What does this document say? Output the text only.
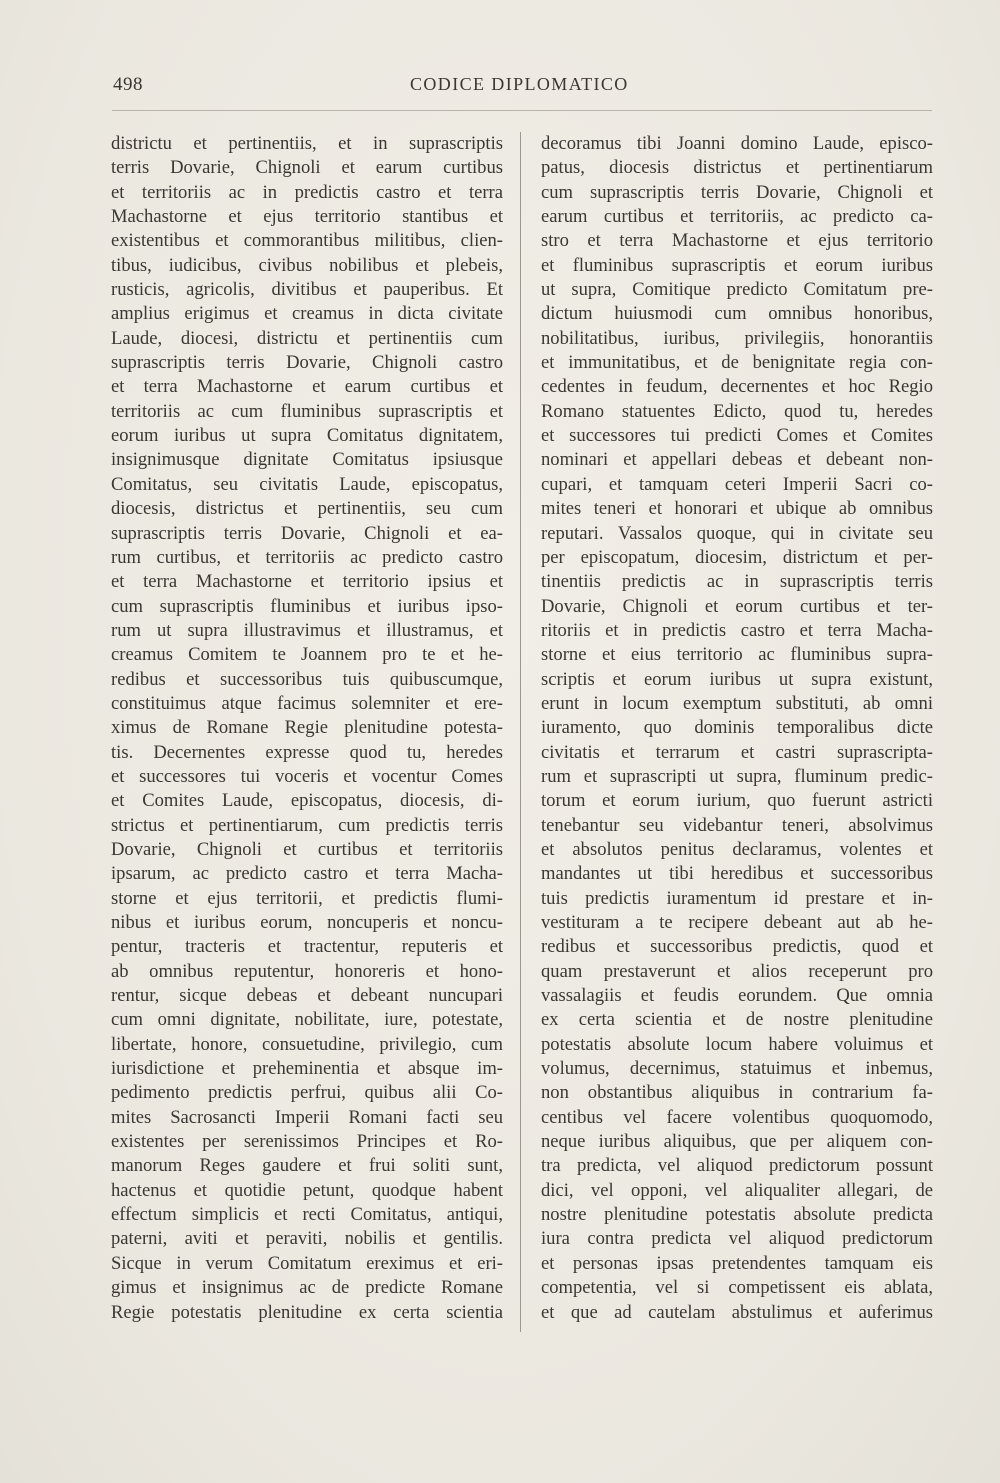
498	CODICE DIPLOMATICO
districtu et pertinentiis, et in suprascriptis
terris Dovarie, Chignoli et earum curtibus
et territoriis ac in predictis castro et terra
Machastorne et ejus territorio stantibus et
existentibus et commorantibus militibus, clien-
tibus, iudicibus, civibus nobilibus et plebeis,
rusticis, agricolis, divitibus et pauperibus. Et
amplius erigimus et creamus in dicta civitate
Laude, diocesi, districtu et pertinentiis cum
suprascriptis terris Dovarie, Chignoli castro
et terra Machastorne et earum curtibus et
territoriis ac cum fluminibus suprascriptis et
eorum iuribus ut supra Comitatus dignitatem,
insignimusque dignitate Comitatus ipsiusque
Comitatus, seu civitatis Laude, episcopatus,
diocesis, districtus et pertinentiis, seu cum
suprascriptis terris Dovarie, Chignoli et ea-
rum curtibus, et territoriis ac predicto castro
et terra Machastorne et territorio ipsius et
cum suprascriptis fluminibus et iuribus ipso-
rum ut supra illustravimus et illustramus, et
creamus Comitem te Joannem pro te et he-
redibus et successoribus tuis quibuscumque,
constituimus atque facimus solemniter et ere-
ximus de Romane Regie plenitudine potesta-
tis. Decernentes expresse quod tu, heredes
et successores tui voceris et vocentur Comes
et Comites Laude, episcopatus, diocesis, di-
strictus et pertinentiarum, cum predictis terris
Dovarie, Chignoli et curtibus et territoriis
ipsarum, ac predicto castro et terra Macha-
storne et ejus territorii, et predictis flumi-
nibus et iuribus eorum, noncuperis et noncu-
pentur, tracteris et tractentur, reputeris et
ab omnibus reputentur, honoreris et hono-
rentur, sicque debeas et debeant nuncupari
cum omni dignitate, nobilitate, iure, potestate,
libertate, honore, consuetudine, privilegio, cum
iurisdictione et preheminentia et absque im-
pedimento predictis perfrui, quibus alii Co-
mites Sacrosancti Imperii Romani facti seu
existentes per serenissimos Principes et Ro-
manorum Reges gaudere et frui soliti sunt,
hactenus et quotidie petunt, quodque habent
effectum simplicis et recti Comitatus, antiqui,
paterni, aviti et peraviti, nobilis et gentilis.
Sicque in verum Comitatum ereximus et eri-
gimus et insignimus ac de predicte Romane
Regie potestatis plenitudine ex certa scientia
decoramus tibi Joanni domino Laude, episco-
patus, diocesis districtus et pertinentiarum
cum suprascriptis terris Dovarie, Chignoli et
earum curtibus et territoriis, ac predicto ca-
stro et terra Machastorne et ejus territorio
et fluminibus suprascriptis et eorum iuribus
ut supra, Comitique predicto Comitatum pre-
dictum huiusmodi cum omnibus honoribus,
nobilitatibus, iuribus, privilegiis, honorantiis
et immunitatibus, et de benignitate regia con-
cedentes in feudum, decernentes et hoc Regio
Romano statuentes Edicto, quod tu, heredes
et successores tui predicti Comes et Comites
nominari et appellari debeas et debeant non-
cupari, et tamquam ceteri Imperii Sacri co-
mites teneri et honorari et ubique ab omnibus
reputari. Vassalos quoque, qui in civitate seu
per episcopatum, diocesim, districtum et per-
tinentiis predictis ac in suprascriptis terris
Dovarie, Chignoli et eorum curtibus et ter-
ritoriis et in predictis castro et terra Macha-
storne et eius territorio ac fluminibus supra-
scriptis et eorum iuribus ut supra existunt,
erunt in locum exemptum substituti, ab omni
iuramento, quo dominis temporalibus dicte
civitatis et terrarum et castri suprascripta-
rum et suprascripti ut supra, fluminum predic-
torum et eorum iurium, quo fuerunt astricti
tenebantur seu videbantur teneri, absolvimus
et absolutos penitus declaramus, volentes et
mandantes ut tibi heredibus et successoribus
tuis predictis iuramentum id prestare et in-
vestituram a te recipere debeant aut ab he-
redibus et successoribus predictis, quod et
quam prestaverunt et alios receperunt pro
vassalagiis et feudis eorundem. Que omnia
ex certa scientia et de nostre plenitudine
potestatis absolute locum habere voluimus et
volumus, decernimus, statuimus et inbemus,
non obstantibus aliquibus in contrarium fa-
centibus vel facere volentibus quoquomodo,
neque iuribus aliquibus, que per aliquem con-
tra predicta, vel aliquod predictorum possunt
dici, vel opponi, vel aliqualiter allegari, de
nostre plenitudine potestatis absolute predicta
iura contra predicta vel aliquod predictorum
et personas ipsas pretendentes tamquam eis
competentia, vel si competissent eis ablata,
et que ad cautelam abstulimus et auferimus
